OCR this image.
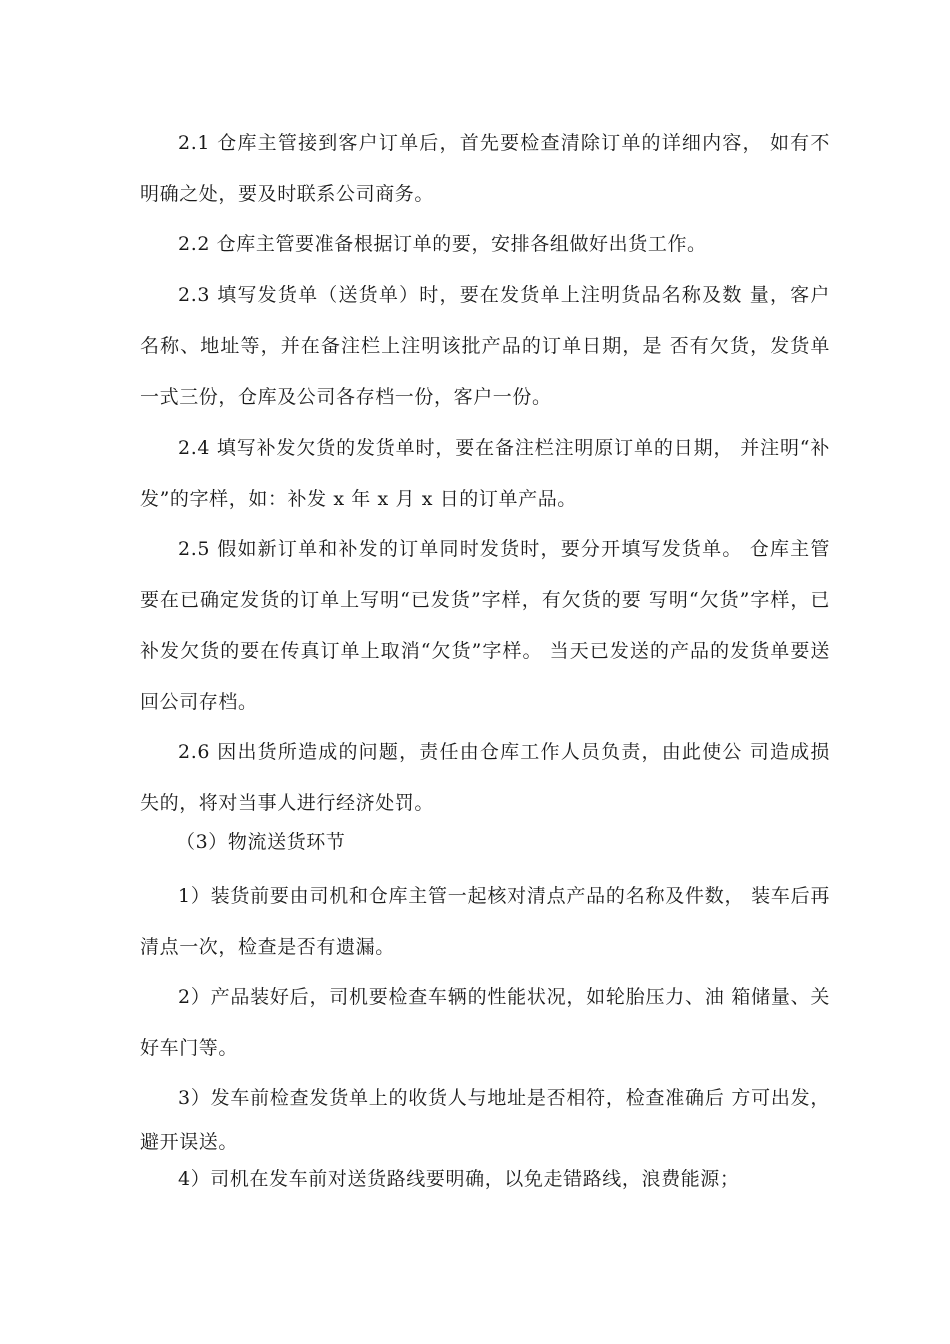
2.1 仓库主管接到客户订单后，首先要检查清除订单的详细内容， 如有不明确之处，要及时联系公司商务。

2.2 仓库主管要准备根据订单的要，安排各组做好出货工作。

2.3 填写发货单（送货单）时，要在发货单上注明货品名称及数 量，客户名称、地址等，并在备注栏上注明该批产品的订单日期，是 否有欠货，发货单一式三份，仓库及公司各存档一份，客户一份。

2.4 填写补发欠货的发货单时，要在备注栏注明原订单的日期， 并注明“补发”的字样，如：补发 x 年 x 月 x 日的订单产品。

2.5 假如新订单和补发的订单同时发货时，要分开填写发货单。 仓库主管要在已确定发货的订单上写明“已发货”字样，有欠货的要 写明“欠货”字样，已补发欠货的要在传真订单上取消“欠货”字样。 当天已发送的产品的发货单要送回公司存档。

2.6 因出货所造成的问题，责任由仓库工作人员负责，由此使公 司造成损失的，将对当事人进行经济处罚。

（3）物流送货环节

1）装货前要由司机和仓库主管一起核对清点产品的名称及件数， 装车后再清点一次，检查是否有遗漏。

2）产品装好后，司机要检查车辆的性能状况，如轮胎压力、油 箱储量、关好车门等。

3）发车前检查发货单上的收货人与地址是否相符，检查准确后 方可出发，避开误送。

4）司机在发车前对送货路线要明确，以免走错路线，浪费能源；
